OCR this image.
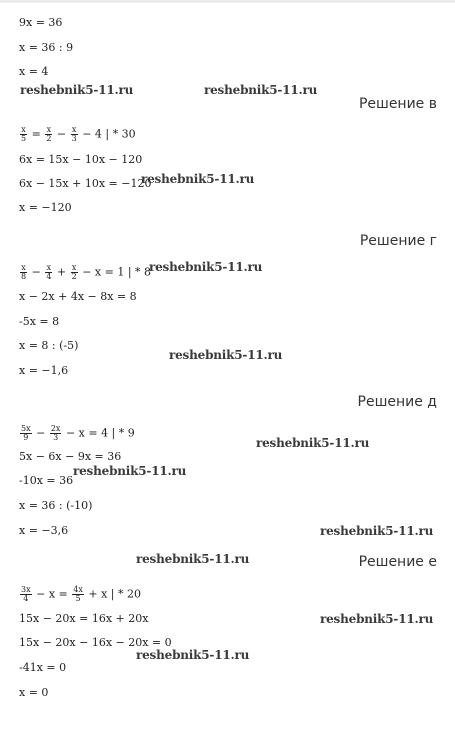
9x = 36
x = 36 : 9
x = 4
reshebnik5-11.ru	reshebnik5-11.ru
Решение в
$\frac{x}{5} = \frac{x}{2} - \frac{x}{3} - 4$ | * 30
6x = 15x − 10x − 120
6x − 15x + 10x = −120
reshebnik5-11.ru
x = −120
Решение г
$\frac{x}{8} - \frac{x}{4} + \frac{x}{2} - x = 1$ | * 8
reshebnik5-11.ru
x − 2x + 4x − 8x = 8
-5x = 8
x = 8 : (-5)
reshebnik5-11.ru
x = −1,6
Решение д
$\frac{5x}{9} - \frac{2x}{3} - x = 4$ | * 9
reshebnik5-11.ru
5x − 6x − 9x = 36
reshebnik5-11.ru
-10x = 36
x = 36 : (-10)
x = −3,6	reshebnik5-11.ru
reshebnik5-11.ru	Решение е
$\frac{3x}{4} - x = \frac{4x}{5} + x$ | * 20
15x − 20x = 16x + 20x	reshebnik5-11.ru
15x − 20x − 16x − 20x = 0
reshebnik5-11.ru
-41x = 0
x = 0
